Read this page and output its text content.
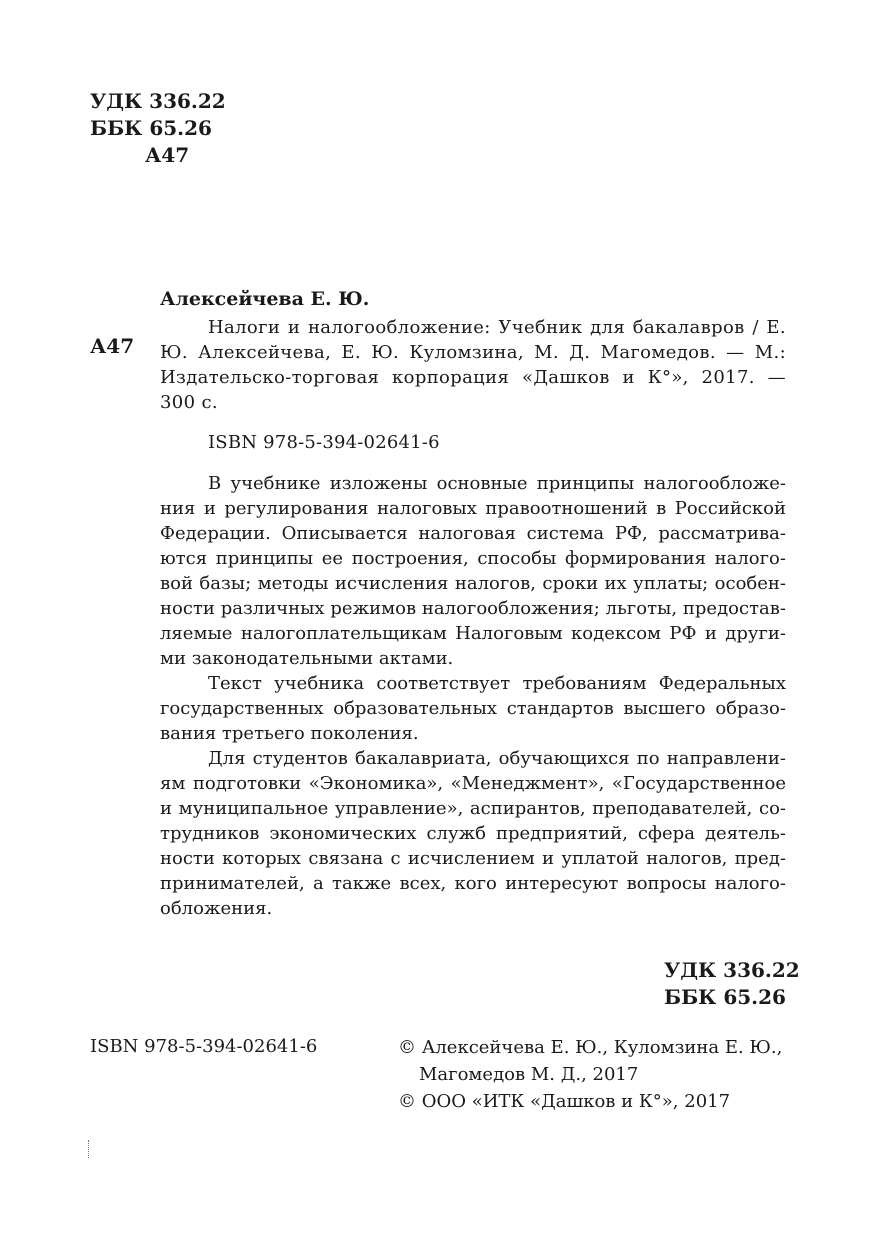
УДК 336.22
ББК 65.26
А47
А47
Алексейчева Е. Ю.

Налоги и налогообложение: Учебник для бакалавров / Е. Ю. Алексейчева, Е. Ю. Куломзина, М. Д. Магомедов. — М.: Издательско-торговая корпорация «Дашков и К°», 2017. — 300 с.

ISBN 978-5-394-02641-6

В учебнике изложены основные принципы налогообложения и регулирования налоговых правоотношений в Российской Федерации. Описывается налоговая система РФ, рассматриваются принципы ее построения, способы формирования налоговой базы; методы исчисления налогов, сроки их уплаты; особенности различных режимов налогообложения; льготы, предоставляемые налогоплательщикам Налоговым кодексом РФ и другими законодательными актами.

Текст учебника соответствует требованиям Федеральных государственных образовательных стандартов высшего образования третьего поколения.

Для студентов бакалавриата, обучающихся по направлениям подготовки «Экономика», «Менеджмент», «Государственное и муниципальное управление», аспирантов, преподавателей, сотрудников экономических служб предприятий, сфера деятельности которых связана с исчислением и уплатой налогов, предпринимателей, а также всех, кого интересуют вопросы налогообложения.

УДК 336.22
ББК 65.26
ISBN 978-5-394-02641-6	© Алексейчева Е. Ю., Куломзина Е. Ю.,
Магомедов М. Д., 2017
© ООО «ИТК «Дашков и К°», 2017
